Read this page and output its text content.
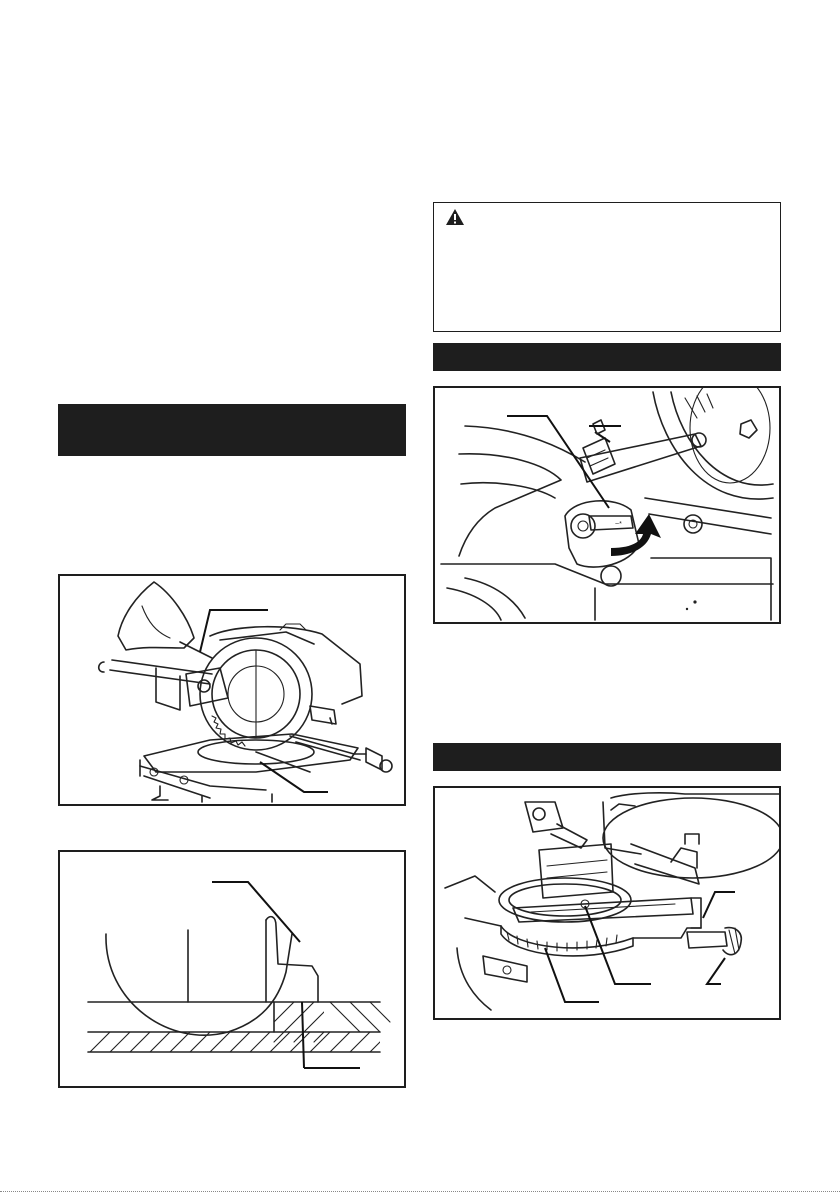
~*
